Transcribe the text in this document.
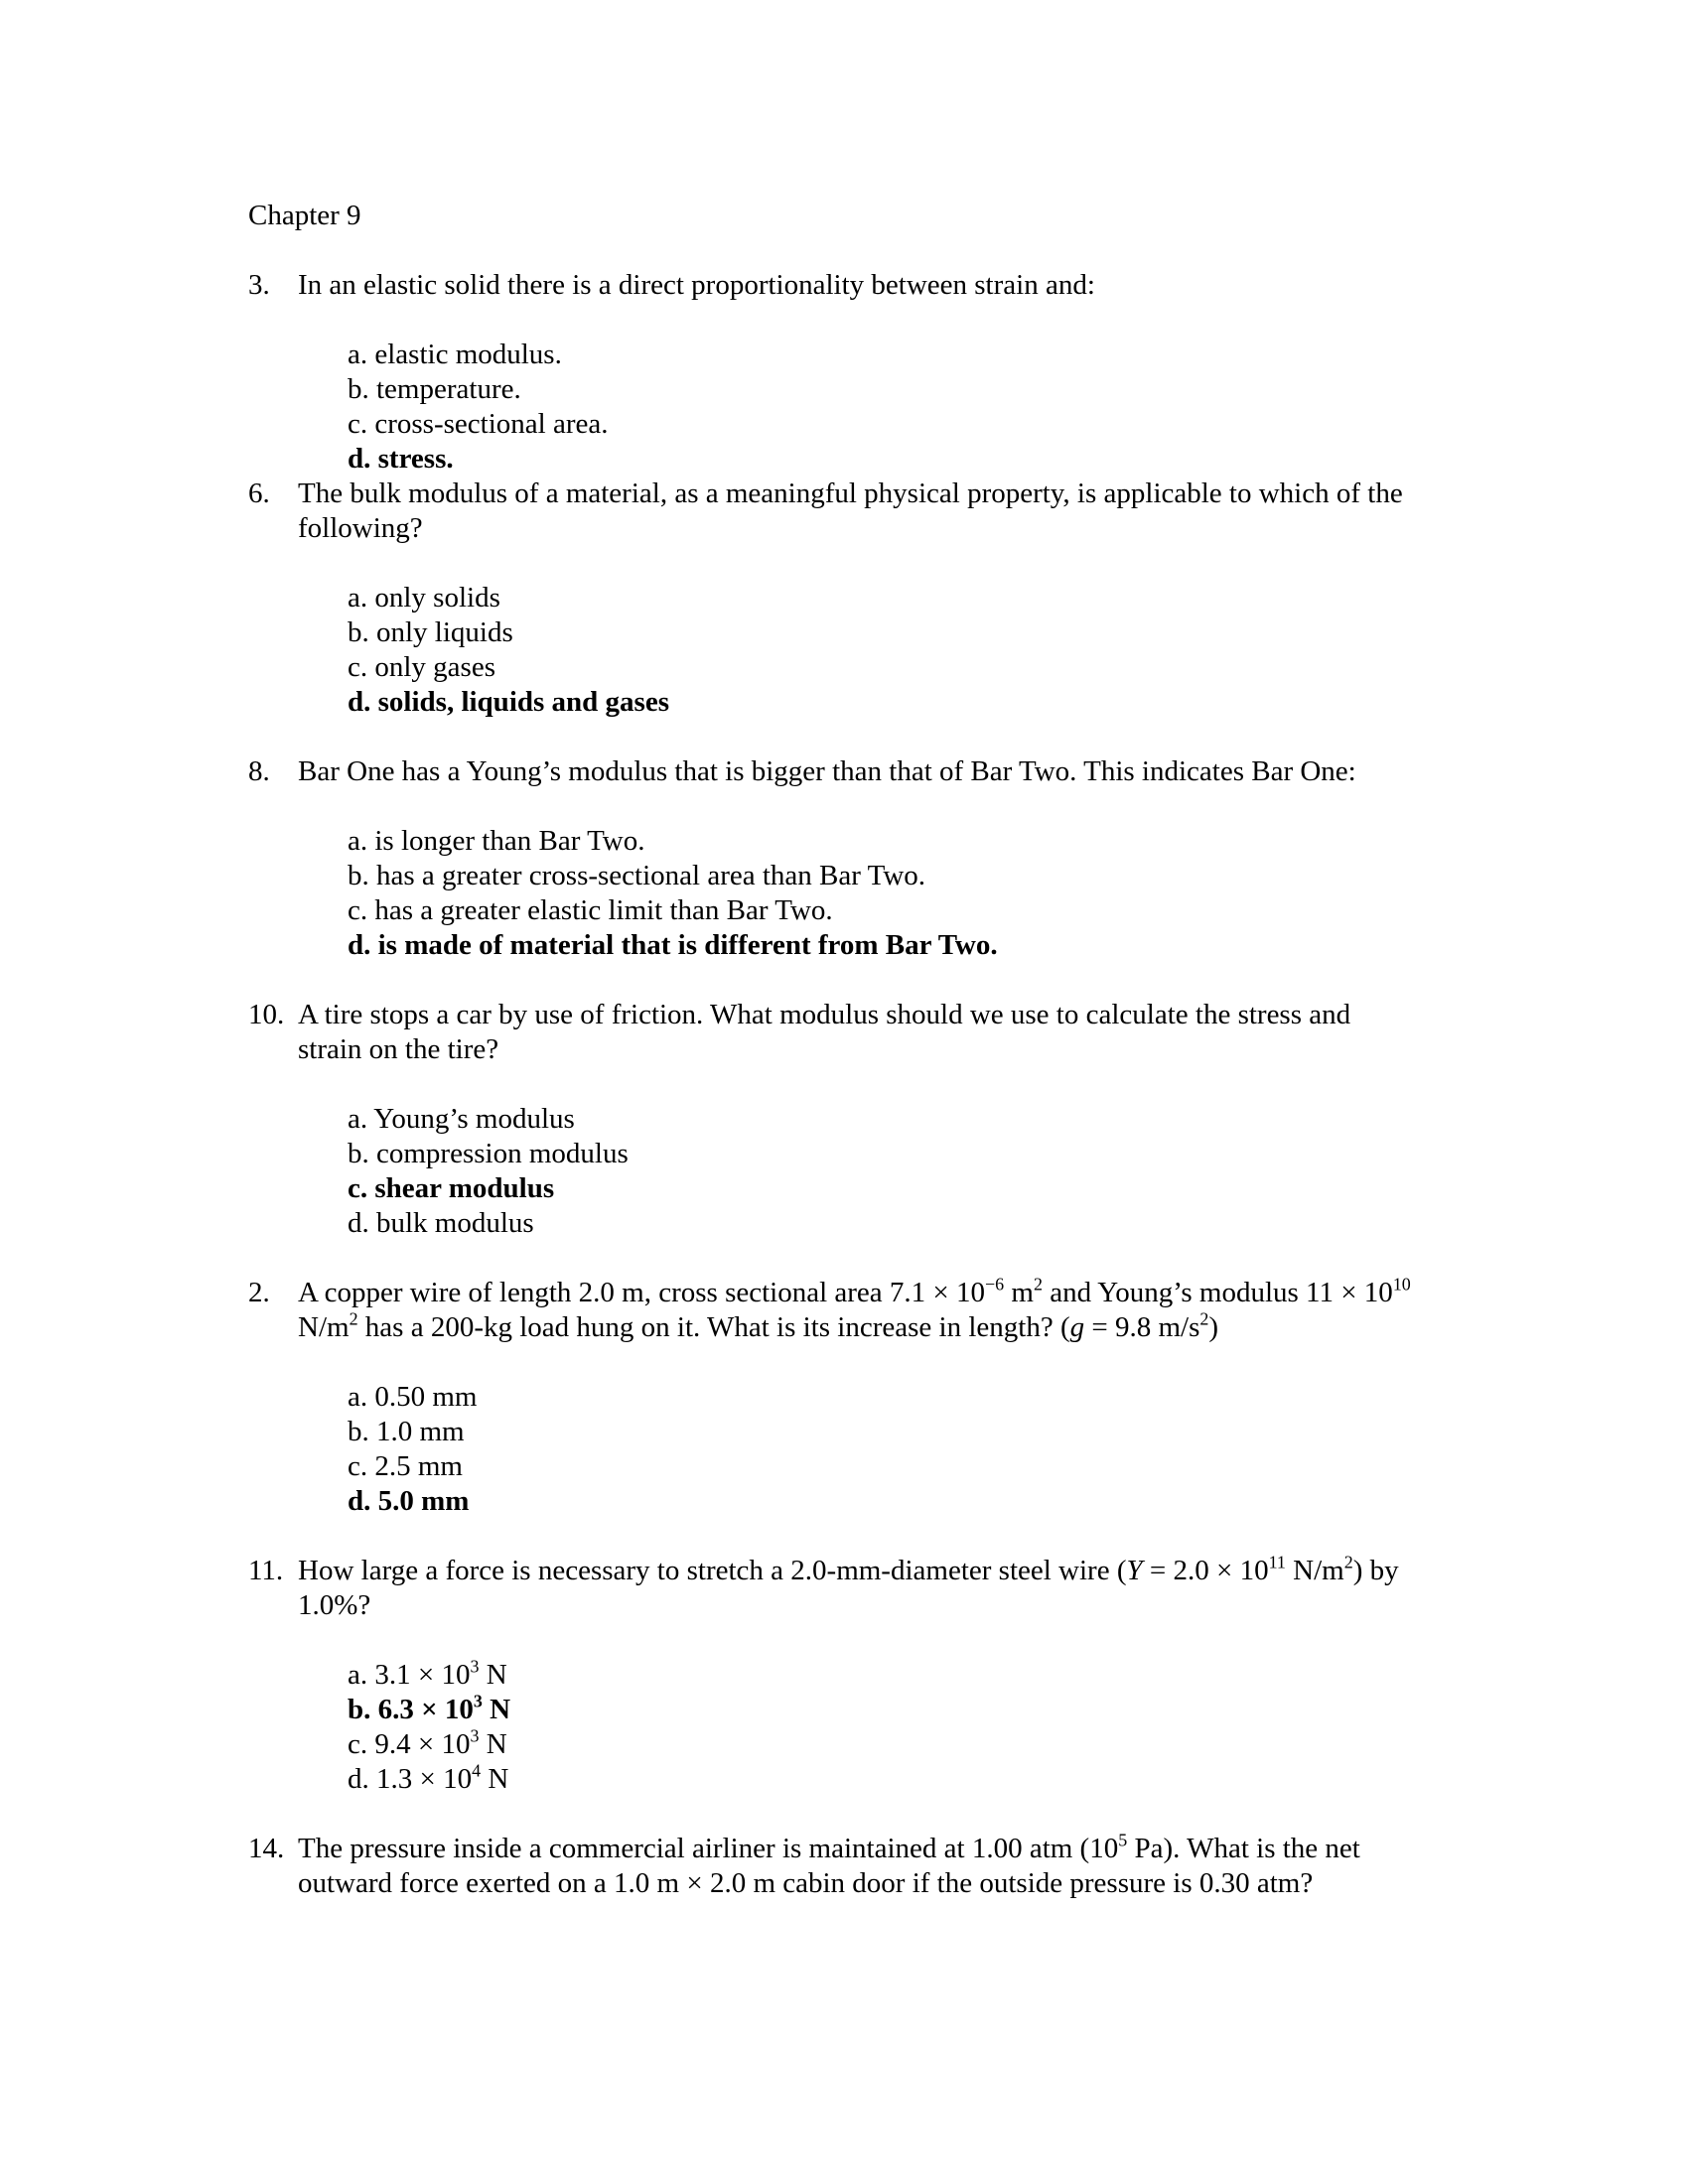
Chapter 9
3. In an elastic solid there is a direct proportionality between strain and:
a. elastic modulus.
b. temperature.
c. cross-sectional area.
d. stress.
6. The bulk modulus of a material, as a meaningful physical property, is applicable to which of the following?
a. only solids
b. only liquids
c. only gases
d. solids, liquids and gases
8. Bar One has a Young’s modulus that is bigger than that of Bar Two. This indicates Bar One:
a. is longer than Bar Two.
b. has a greater cross-sectional area than Bar Two.
c. has a greater elastic limit than Bar Two.
d. is made of material that is different from Bar Two.
10. A tire stops a car by use of friction. What modulus should we use to calculate the stress and strain on the tire?
a. Young’s modulus
b. compression modulus
c. shear modulus
d. bulk modulus
2. A copper wire of length 2.0 m, cross sectional area $7.1 \times 10^{-6}$ $m^2$ and Young’s modulus $11 \times 10^{10}$ $N/m^2$ has a 200-kg load hung on it. What is its increase in length? (g = 9.8 $m/s^2$)
a. 0.50 mm
b. 1.0 mm
c. 2.5 mm
d. 5.0 mm
11. How large a force is necessary to stretch a 2.0-mm-diameter steel wire ($Y = 2.0 \times 10^{11}$ $N/m^2$) by 1.0%?
a. $3.1 \times 10^3$ N
b. $6.3 \times 10^3$ N
c. $9.4 \times 10^3$ N
d. $1.3 \times 10^4$ N
14. The pressure inside a commercial airliner is maintained at 1.00 atm ($10^5$ Pa). What is the net outward force exerted on a 1.0 m × 2.0 m cabin door if the outside pressure is 0.30 atm?
